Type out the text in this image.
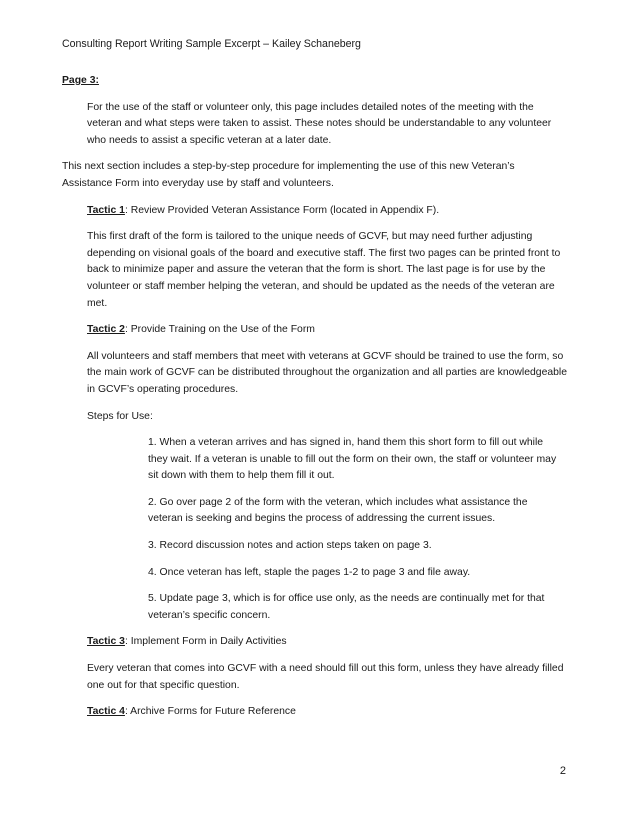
Consulting Report Writing Sample Excerpt – Kailey Schaneberg

Page 3:

For the use of the staff or volunteer only, this page includes detailed notes of the meeting with the veteran and what steps were taken to assist. These notes should be understandable to any volunteer who needs to assist a specific veteran at a later date.

This next section includes a step-by-step procedure for implementing the use of this new Veteran’s Assistance Form into everyday use by staff and volunteers.

Tactic 1: Review Provided Veteran Assistance Form (located in Appendix F).

This first draft of the form is tailored to the unique needs of GCVF, but may need further adjusting depending on visional goals of the board and executive staff. The first two pages can be printed front to back to minimize paper and assure the veteran that the form is short. The last page is for use by the volunteer or staff member helping the veteran, and should be updated as the needs of the veteran are met.

Tactic 2: Provide Training on the Use of the Form

All volunteers and staff members that meet with veterans at GCVF should be trained to use the form, so the main work of GCVF can be distributed throughout the organization and all parties are knowledgeable in GCVF’s operating procedures.

Steps for Use:

1. When a veteran arrives and has signed in, hand them this short form to fill out while they wait. If a veteran is unable to fill out the form on their own, the staff or volunteer may sit down with them to help them fill it out.

2. Go over page 2 of the form with the veteran, which includes what assistance the veteran is seeking and begins the process of addressing the current issues.

3. Record discussion notes and action steps taken on page 3.

4. Once veteran has left, staple the pages 1-2 to page 3 and file away.

5. Update page 3, which is for office use only, as the needs are continually met for that veteran’s specific concern.

Tactic 3: Implement Form in Daily Activities

Every veteran that comes into GCVF with a need should fill out this form, unless they have already filled one out for that specific question.

Tactic 4: Archive Forms for Future Reference

2
